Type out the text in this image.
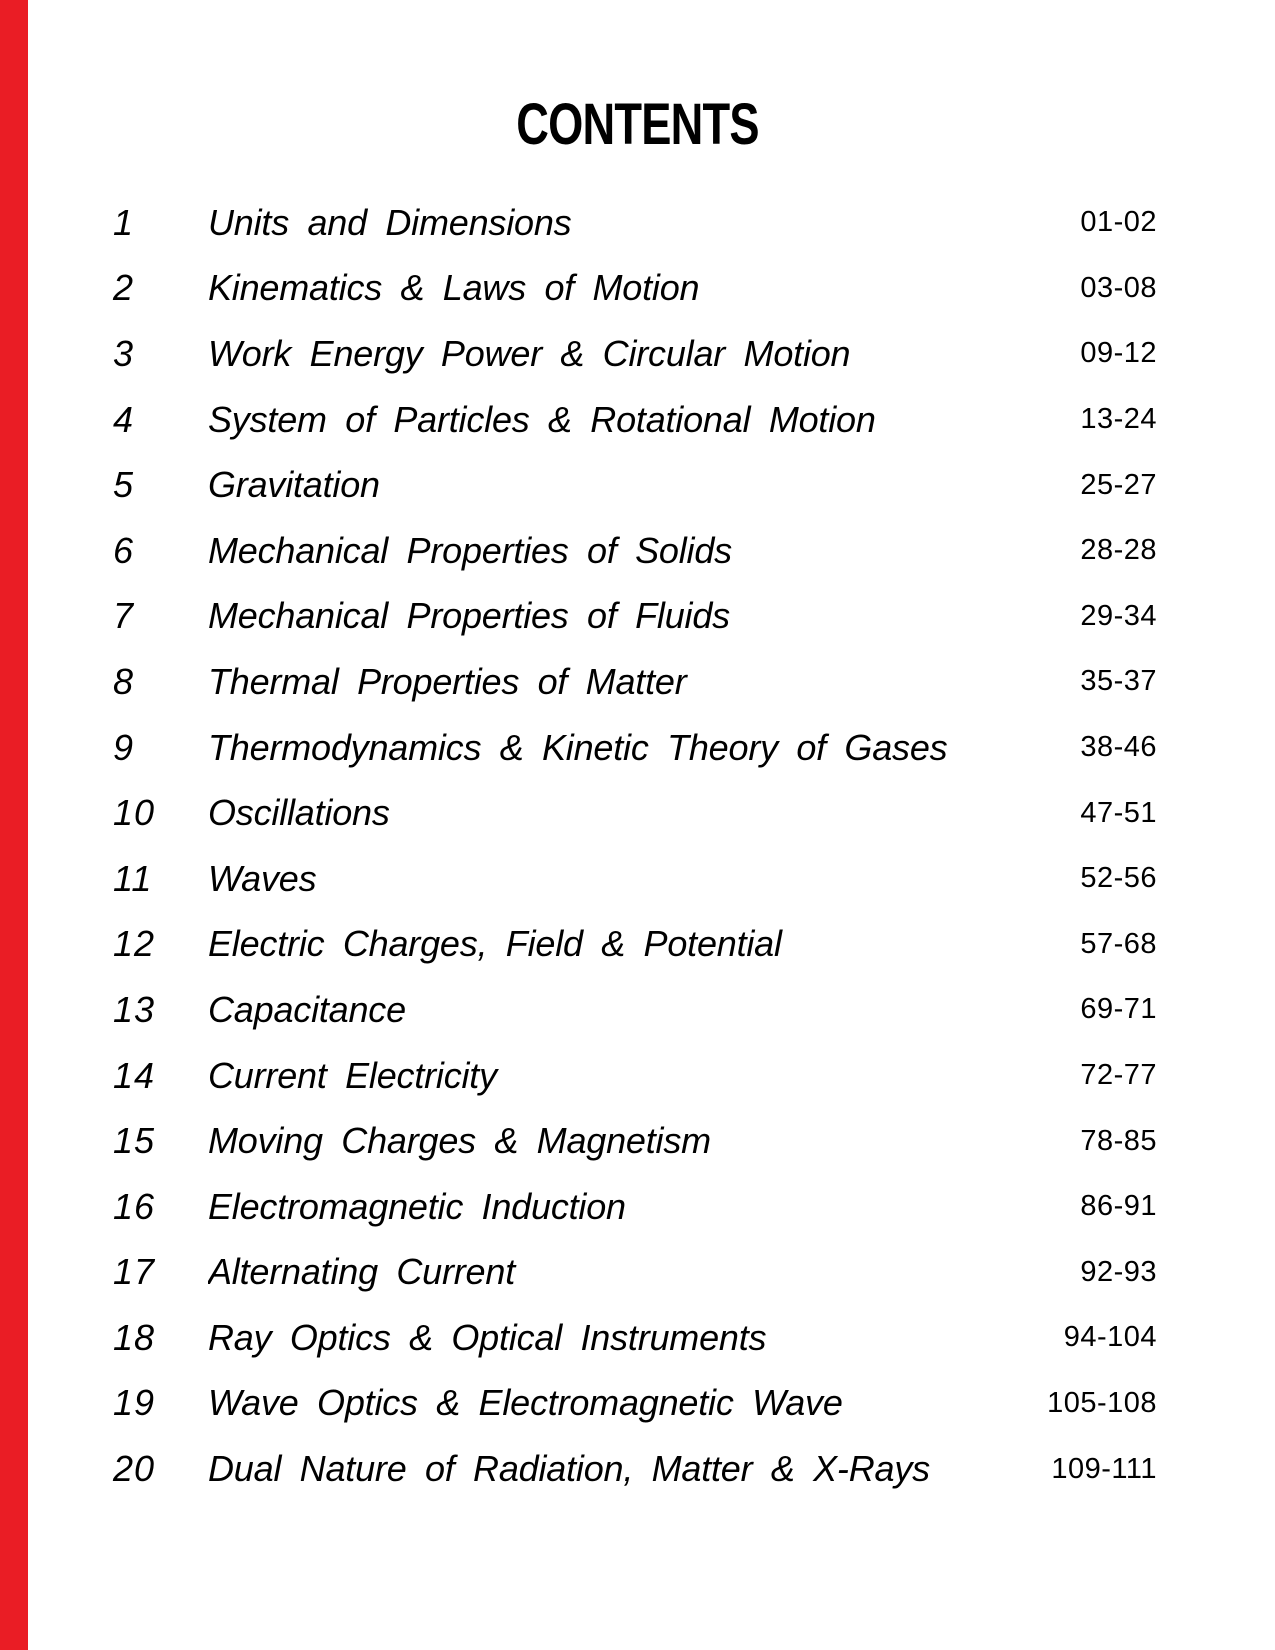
CONTENTS
1	Units and Dimensions	01-02
2	Kinematics & Laws of Motion	03-08
3	Work Energy Power & Circular Motion	09-12
4	System of Particles & Rotational Motion	13-24
5	Gravitation	25-27
6	Mechanical Properties of Solids	28-28
7	Mechanical Properties of Fluids	29-34
8	Thermal Properties of Matter	35-37
9	Thermodynamics & Kinetic Theory of Gases	38-46
10	Oscillations	47-51
11	Waves	52-56
12	Electric Charges, Field & Potential	57-68
13	Capacitance	69-71
14	Current Electricity	72-77
15	Moving Charges & Magnetism	78-85
16	Electromagnetic Induction	86-91
17	Alternating Current	92-93
18	Ray Optics & Optical Instruments	94-104
19	Wave Optics & Electromagnetic Wave	105-108
20	Dual Nature of Radiation, Matter & X-Rays	109-111
